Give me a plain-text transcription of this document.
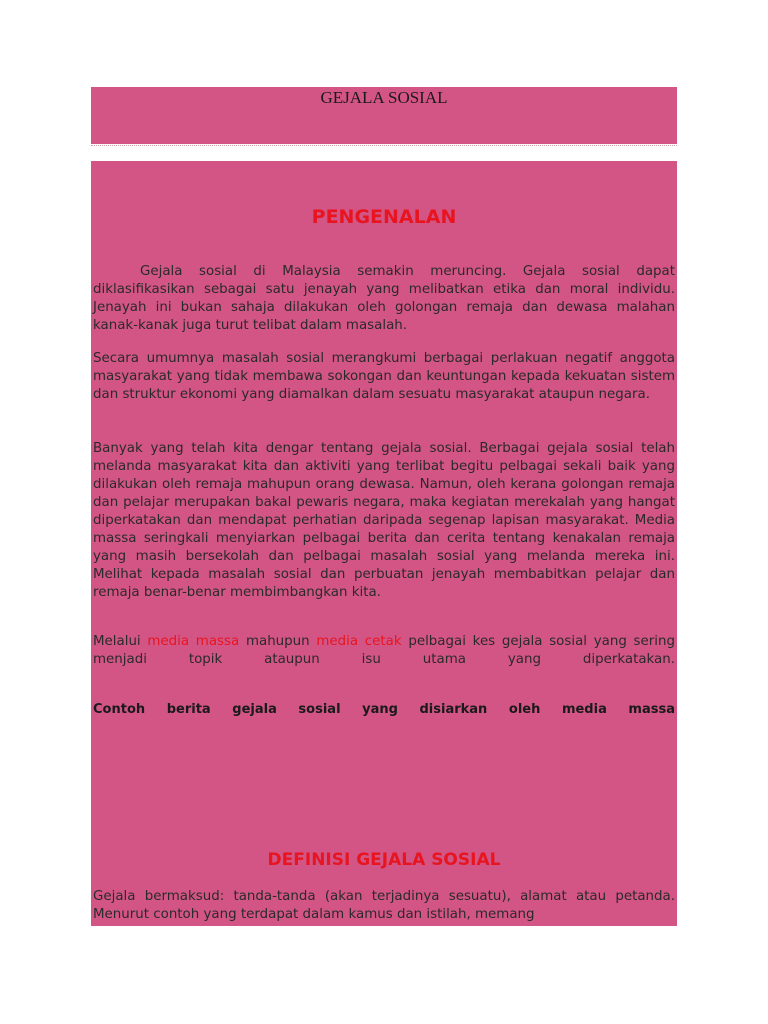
GEJALA SOSIAL
PENGENALAN

Gejala sosial di Malaysia semakin meruncing. Gejala sosial dapat diklasifikasikan sebagai satu jenayah yang melibatkan etika dan moral individu. Jenayah ini bukan sahaja dilakukan oleh golongan remaja dan dewasa malahan kanak-kanak juga turut telibat dalam masalah.

Secara umumnya masalah sosial merangkumi berbagai perlakuan negatif anggota masyarakat yang tidak membawa sokongan dan keuntungan kepada kekuatan sistem dan struktur ekonomi yang diamalkan dalam sesuatu masyarakat ataupun negara.

Banyak yang telah kita dengar tentang gejala sosial. Berbagai gejala sosial telah melanda masyarakat kita dan aktiviti yang terlibat begitu pelbagai sekali baik yang dilakukan oleh remaja mahupun orang dewasa. Namun, oleh kerana golongan remaja dan pelajar merupakan bakal pewaris negara, maka kegiatan merekalah yang hangat diperkatakan dan mendapat perhatian daripada segenap lapisan masyarakat. Media massa seringkali menyiarkan pelbagai berita dan cerita tentang kenakalan remaja yang masih bersekolah dan pelbagai masalah sosial yang melanda mereka ini. Melihat kepada masalah sosial dan perbuatan jenayah membabitkan pelajar dan remaja benar-benar membimbangkan kita.

Melalui media massa mahupun media cetak pelbagai kes gejala sosial yang sering menjadi topik ataupun isu utama yang diperkatakan.

Contoh berita gejala sosial yang disiarkan oleh media massa

DEFINISI GEJALA SOSIAL

Gejala bermaksud: tanda-tanda (akan terjadinya sesuatu), alamat atau petanda. Menurut contoh yang terdapat dalam kamus dan istilah, memang
